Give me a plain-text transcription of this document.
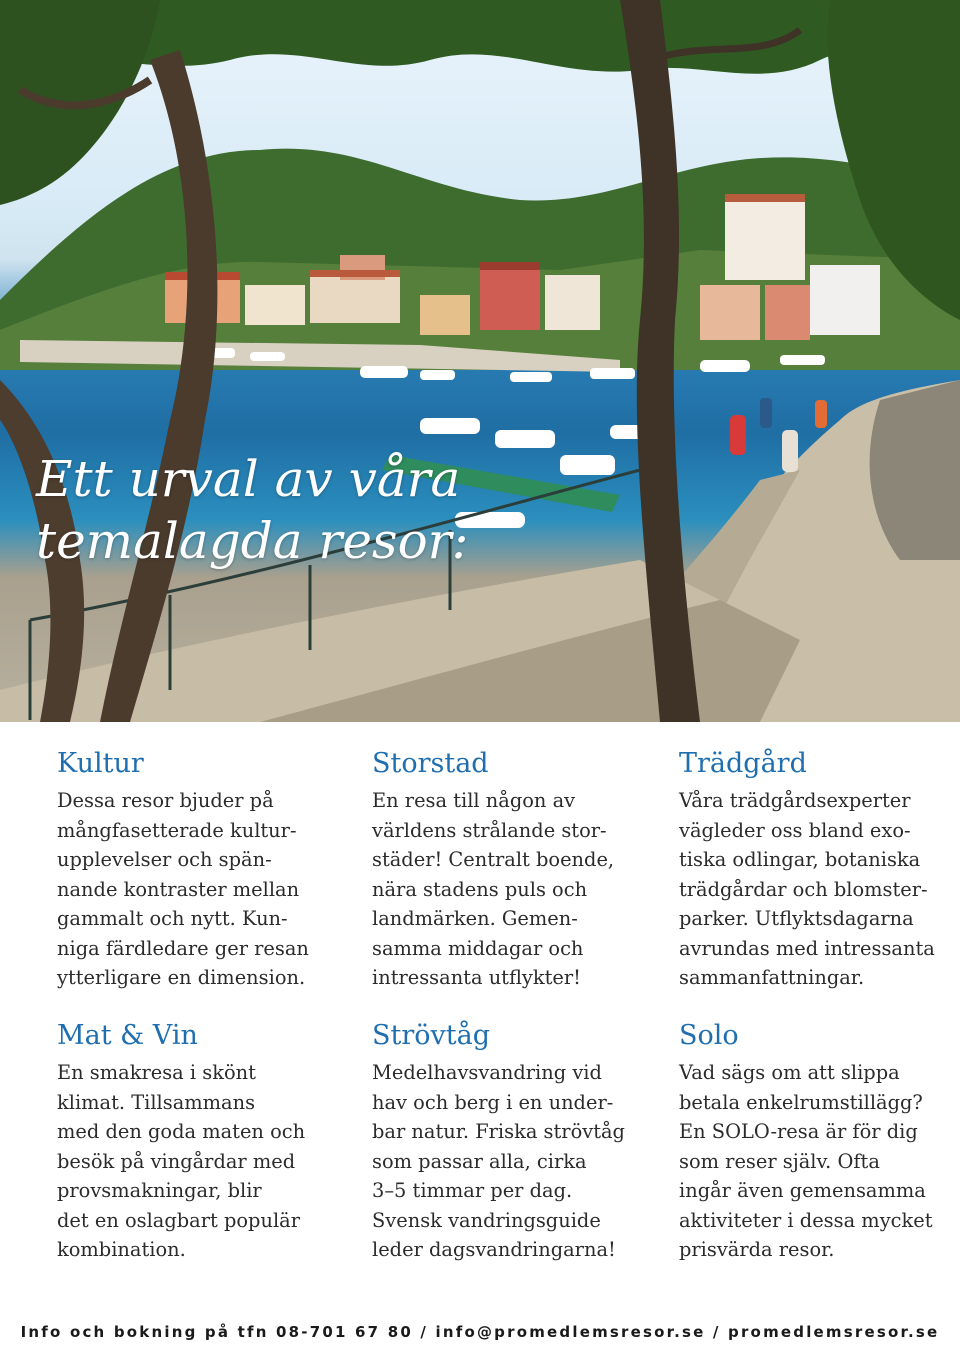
Ett urval av våra
temalagda resor:
Kultur

Dessa resor bjuder på
mångfasetterade kultur-
upplevelser och spän-
nande kontraster mellan
gammalt och nytt. Kun-
niga färdledare ger resan
ytterligare en dimension.

Storstad

En resa till någon av
världens strålande stor-
städer! Centralt boende,
nära stadens puls och
landmärken. Gemen-
samma middagar och
intressanta utflykter!

Trädgård

Våra trädgårdsexperter
vägleder oss bland exo-
tiska odlingar, botaniska
trädgårdar och blomster-
parker. Utflyktsdagarna
avrundas med intressanta
sammanfattningar.

Mat & Vin

En smakresa i skönt
klimat. Tillsammans
med den goda maten och
besök på vingårdar med
provsmakningar, blir
det en oslagbart populär
kombination.

Strövtåg

Medelhavsvandring vid
hav och berg i en under-
bar natur. Friska strövtåg
som passar alla, cirka
3–5 timmar per dag.
Svensk vandringsguide
leder dagsvandringarna!

Solo

Vad sägs om att slippa
betala enkelrumstillägg?
En SOLO-resa är för dig
som reser själv. Ofta
ingår även gemensamma
aktiviteter i dessa mycket
prisvärda resor.

Info och bokning på tfn 08-701 67 80 / info@promedlemsresor.se / promedlemsresor.se
